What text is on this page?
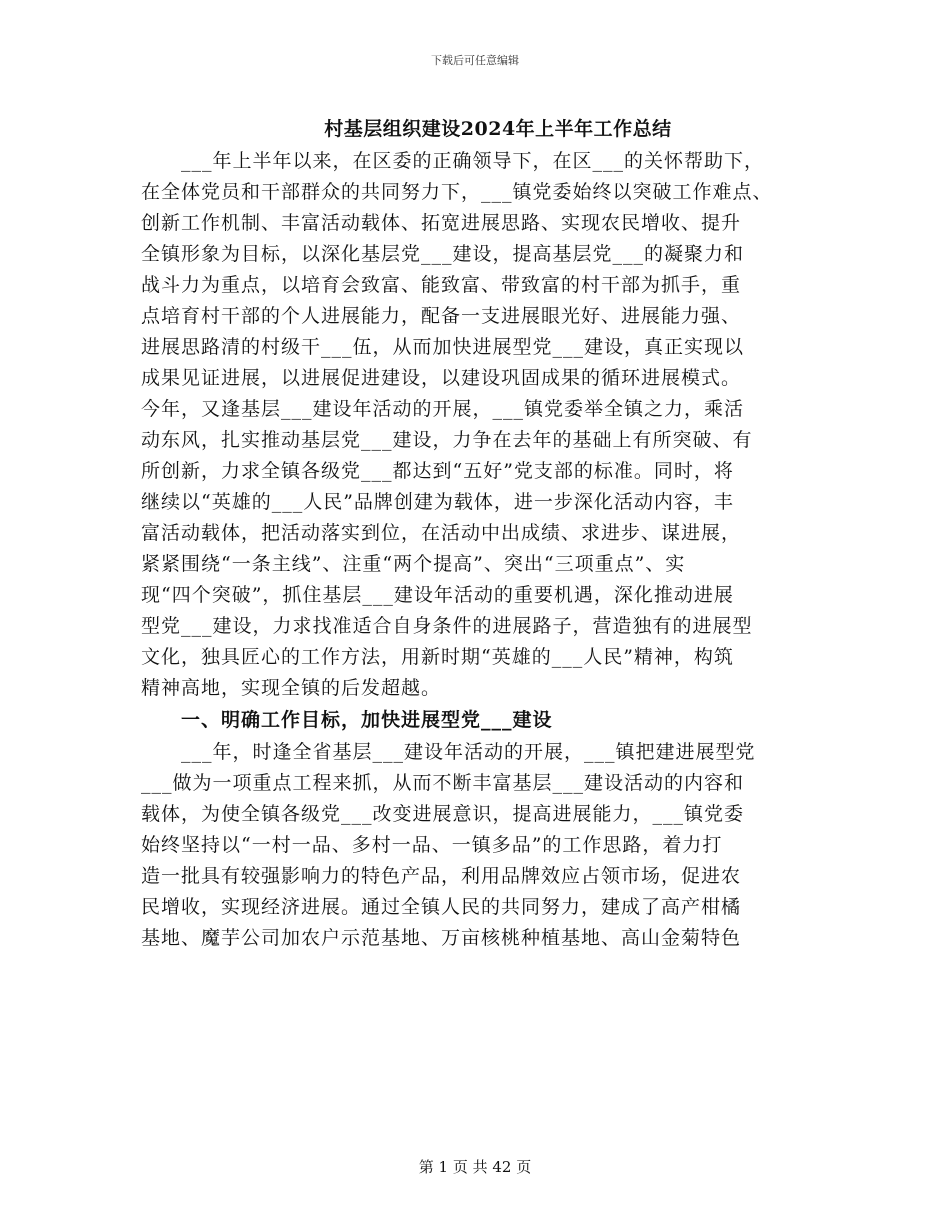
下载后可任意编辑
村基层组织建设2024年上半年工作总结
___年上半年以来，在区委的正确领导下，在区___的关怀帮助下，
在全体党员和干部群众的共同努力下，___镇党委始终以突破工作难点、
创新工作机制、丰富活动载体、拓宽进展思路、实现农民增收、提升
全镇形象为目标，以深化基层党___建设，提高基层党___的凝聚力和
战斗力为重点，以培育会致富、能致富、带致富的村干部为抓手，重
点培育村干部的个人进展能力，配备一支进展眼光好、进展能力强、
进展思路清的村级干___伍，从而加快进展型党___建设，真正实现以
成果见证进展，以进展促进建设，以建设巩固成果的循环进展模式。
今年，又逢基层___建设年活动的开展，___镇党委举全镇之力，乘活
动东风，扎实推动基层党___建设，力争在去年的基础上有所突破、有
所创新，力求全镇各级党___都达到“五好”党支部的标准。同时，将
继续以“英雄的___人民”品牌创建为载体，进一步深化活动内容，丰
富活动载体，把活动落实到位，在活动中出成绩、求进步、谋进展，
紧紧围绕“一条主线”、注重“两个提高”、突出“三项重点”、实
现“四个突破”，抓住基层___建设年活动的重要机遇，深化推动进展
型党___建设，力求找准适合自身条件的进展路子，营造独有的进展型
文化，独具匠心的工作方法，用新时期“英雄的___人民”精神，构筑
精神高地，实现全镇的后发超越。
一、明确工作目标，加快进展型党___建设
___年，时逢全省基层___建设年活动的开展，___镇把建进展型党
___做为一项重点工程来抓，从而不断丰富基层___建设活动的内容和
载体，为使全镇各级党___改变进展意识，提高进展能力，___镇党委
始终坚持以“一村一品、多村一品、一镇多品”的工作思路，着力打
造一批具有较强影响力的特色产品，利用品牌效应占领市场，促进农
民增收，实现经济进展。通过全镇人民的共同努力，建成了高产柑橘
基地、魔芋公司加农户示范基地、万亩核桃种植基地、高山金菊特色
第 1 页 共 42 页
